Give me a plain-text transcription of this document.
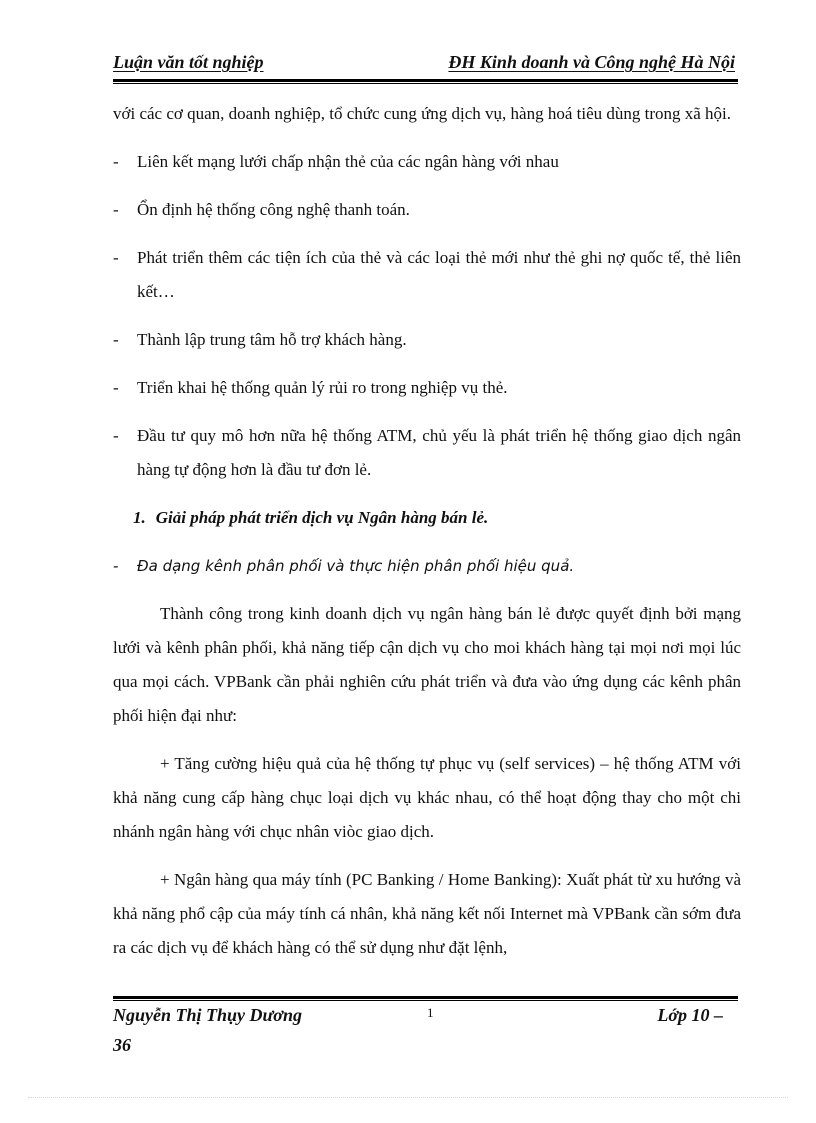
Luận văn tốt nghiệp	ĐH Kinh doanh và Công nghệ Hà Nội

với các cơ quan, doanh nghiệp, tổ chức cung ứng dịch vụ, hàng hoá tiêu dùng trong xã hội.

- Liên kết mạng lưới chấp nhận thẻ của các ngân hàng với nhau
- Ổn định hệ thống công nghệ thanh toán.
- Phát triển thêm các tiện ích của thẻ và các loại thẻ mới như thẻ ghi nợ quốc tế, thẻ liên kết…
- Thành lập trung tâm hỗ trợ khách hàng.
- Triển khai hệ thống quản lý rủi ro trong nghiệp vụ thẻ.
- Đầu tư quy mô hơn nữa hệ thống ATM, chủ yếu là phát triển hệ thống giao dịch ngân hàng tự động hơn là đầu tư đơn lẻ.
1. Giải pháp phát triển dịch vụ Ngân hàng bán lẻ.
- Đa dạng kênh phân phối và thực hiện phân phối hiệu quả.

Thành công trong kinh doanh dịch vụ ngân hàng bán lẻ được quyết định bởi mạng lưới và kênh phân phối, khả năng tiếp cận dịch vụ cho moi khách hàng tại mọi nơi mọi lúc qua mọi cách. VPBank cần phải nghiên cứu phát triển và đưa vào ứng dụng các kênh phân phối hiện đại như:

+ Tăng cường hiệu quả của hệ thống tự phục vụ (self services) – hệ thống ATM với khả năng cung cấp hàng chục loại dịch vụ khác nhau, có thể hoạt động thay cho một chi nhánh ngân hàng với chục nhân viòc giao dịch.

+ Ngân hàng qua máy tính (PC Banking / Home Banking): Xuất phát từ xu hướng và khả năng phổ cập của máy tính cá nhân, khả năng kết nối Internet mà VPBank cần sớm đưa ra các dịch vụ để khách hàng có thể sử dụng như đặt lệnh,

Nguyễn Thị Thụy Dương	1	Lớp 10 –
36
